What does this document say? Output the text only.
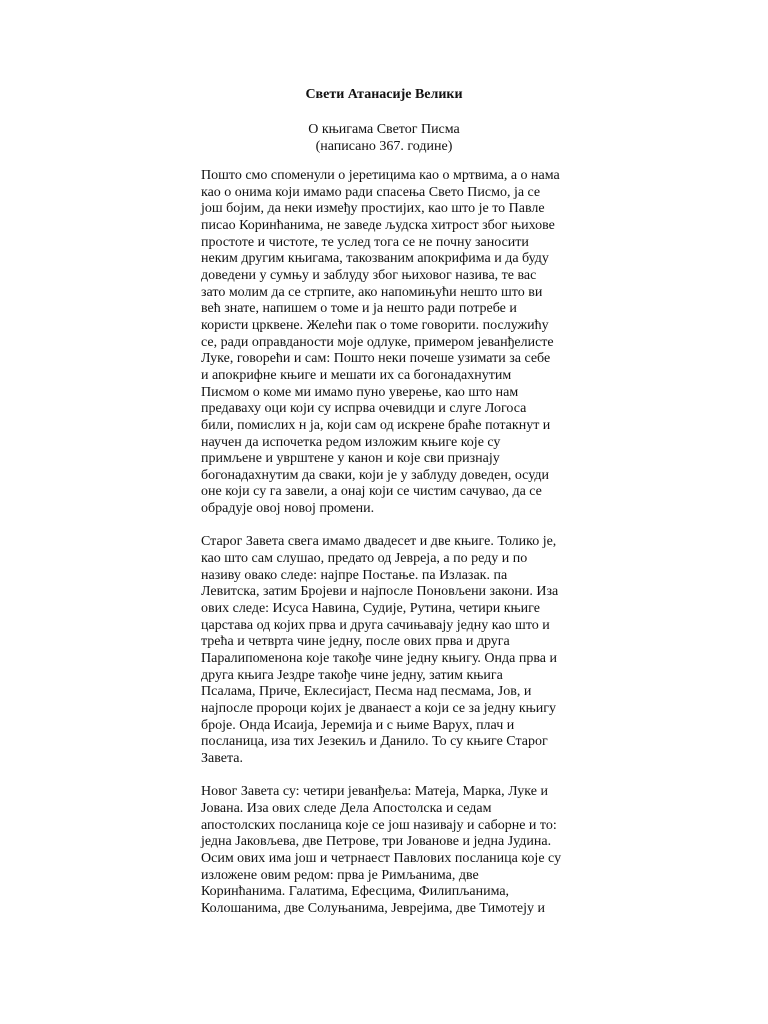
Свети Атанасије Велики
О књигама Светог Писма
(написано 367. године)
Пошто смо споменули о јеретицима као о мртвима, а о нама
као о онима који имамо ради спасења Свето Писмо, ја се
још бојим, да неки између простијих, као што је то Павле
писао Коринћанима, не заведе људска хитрост због њихове
простоте и чистоте, те услед тога се не почну заносити
неким другим књигама, такозваним апокрифима и да буду
доведени у сумњу и заблуду због њиховог назива, те вас
зато молим да се стрпите, ако напомињући нешто што ви
већ знате, напишем о томе и ја нешто ради потребе и
користи црквене. Желећи пак о томе говорити. послужићу
се, ради оправданости моје одлуке, примером јеванђелисте
Луке, говорећи и сам: Пошто неки почеше узимати за себе
и апокрифне књиге и мешати их са богонадахнутим
Писмом о коме ми имамо пуно уверење, као што нам
предаваху оци који су испрва очевидци и слуге Логоса
били, помислих н ја, који сам од искрене браће потакнут и
научен да испочетка редом изложим књиге које су
примљене и уврштене у канон и које сви признају
богонадахнутим да сваки, који је у заблуду доведен, осуди
оне који су га завели, а онај који се чистим сачувао, да се
обрадује овој новој промени.
Старог Завета свега имамо двадесет и две књиге. Толико је,
као што сам слушао, предато од Јевреја, а по реду и по
називу овако следе: најпре Постање. па Излазак. па
Левитска, затим Бројеви и најпосле Поновљени закони. Иза
ових следе: Исуса Навина, Судије, Рутина, четири књиге
царстава од којих прва и друга сачињавају једну као што и
трећа и четврта чине једну, после ових прва и друга
Паралипоменона које такође чине једну књигу. Онда прва и
друга књига Јездре такође чине једну, затим књига
Псалама, Приче, Еклесијаст, Песма над песмама, Јов, и
најпосле пророци којих је дванаест а који се за једну књигу
броје. Онда Исаија, Јеремија и с њиме Варух, плач и
посланица, иза тих Језекиљ и Данило. То су књиге Старог
Завета.
Новог Завета су: четири јеванђеља: Матеја, Марка, Луке и
Јована. Иза ових следе Дела Апостолска и седам
апостолских посланица које се још називају и саборне и то:
једна Јаковљева, две Петрове, три Јованове и једна Јудина.
Осим ових има још и четрнаест Павлових посланица које су
изложене овим редом: прва је Римљанима, две
Коринћанима. Галатима, Ефесцима, Филипљанима,
Колошанима, две Солуњанима, Јеврејима, две Тимотеју и
